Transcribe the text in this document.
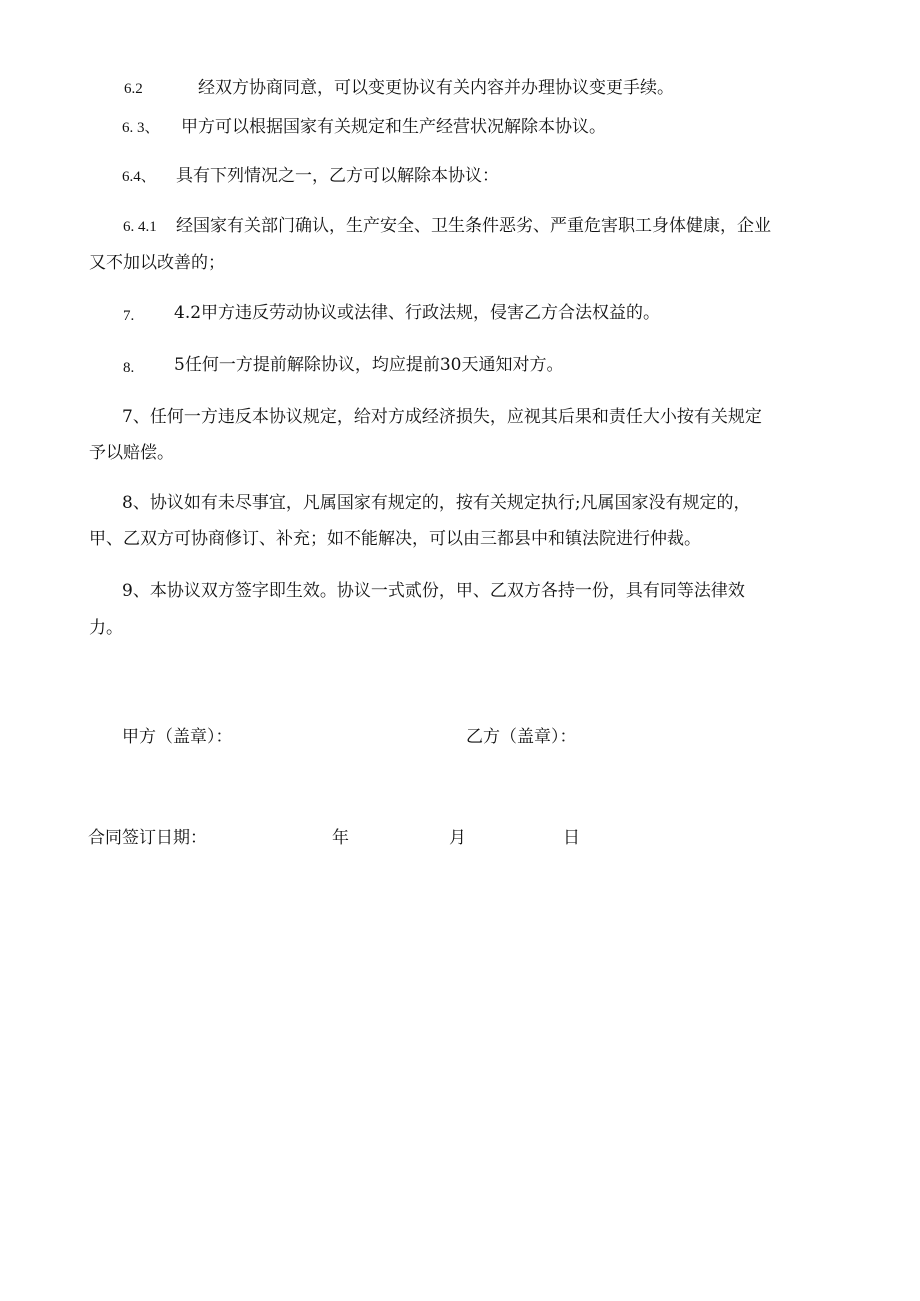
6.2	经双方协商同意，可以变更协议有关内容并办理协议变更手续。
6. 3、 甲方可以根据国家有关规定和生产经营状况解除本协议。
6.4、 具有下列情况之一，乙方可以解除本协议：
6. 4.1 经国家有关部门确认，生产安全、卫生条件恶劣、严重危害职工身体健康，企业
又不加以改善的；
7. 4.2甲方违反劳动协议或法律、行政法规，侵害乙方合法权益的。
8. 5任何一方提前解除协议，均应提前30天通知对方。
7、任何一方违反本协议规定，给对方成经济损失，应视其后果和责任大小按有关规定
予以赔偿。
8、协议如有未尽事宜，凡属国家有规定的，按有关规定执行;凡属国家没有规定的，
甲、乙双方可协商修订、补充；如不能解决，可以由三都县中和镇法院进行仲裁。
9、本协议双方签字即生效。协议一式贰份，甲、乙双方各持一份，具有同等法律效
力。
甲方（盖章）：	乙方（盖章）：
合同签订日期：	年	月	日
